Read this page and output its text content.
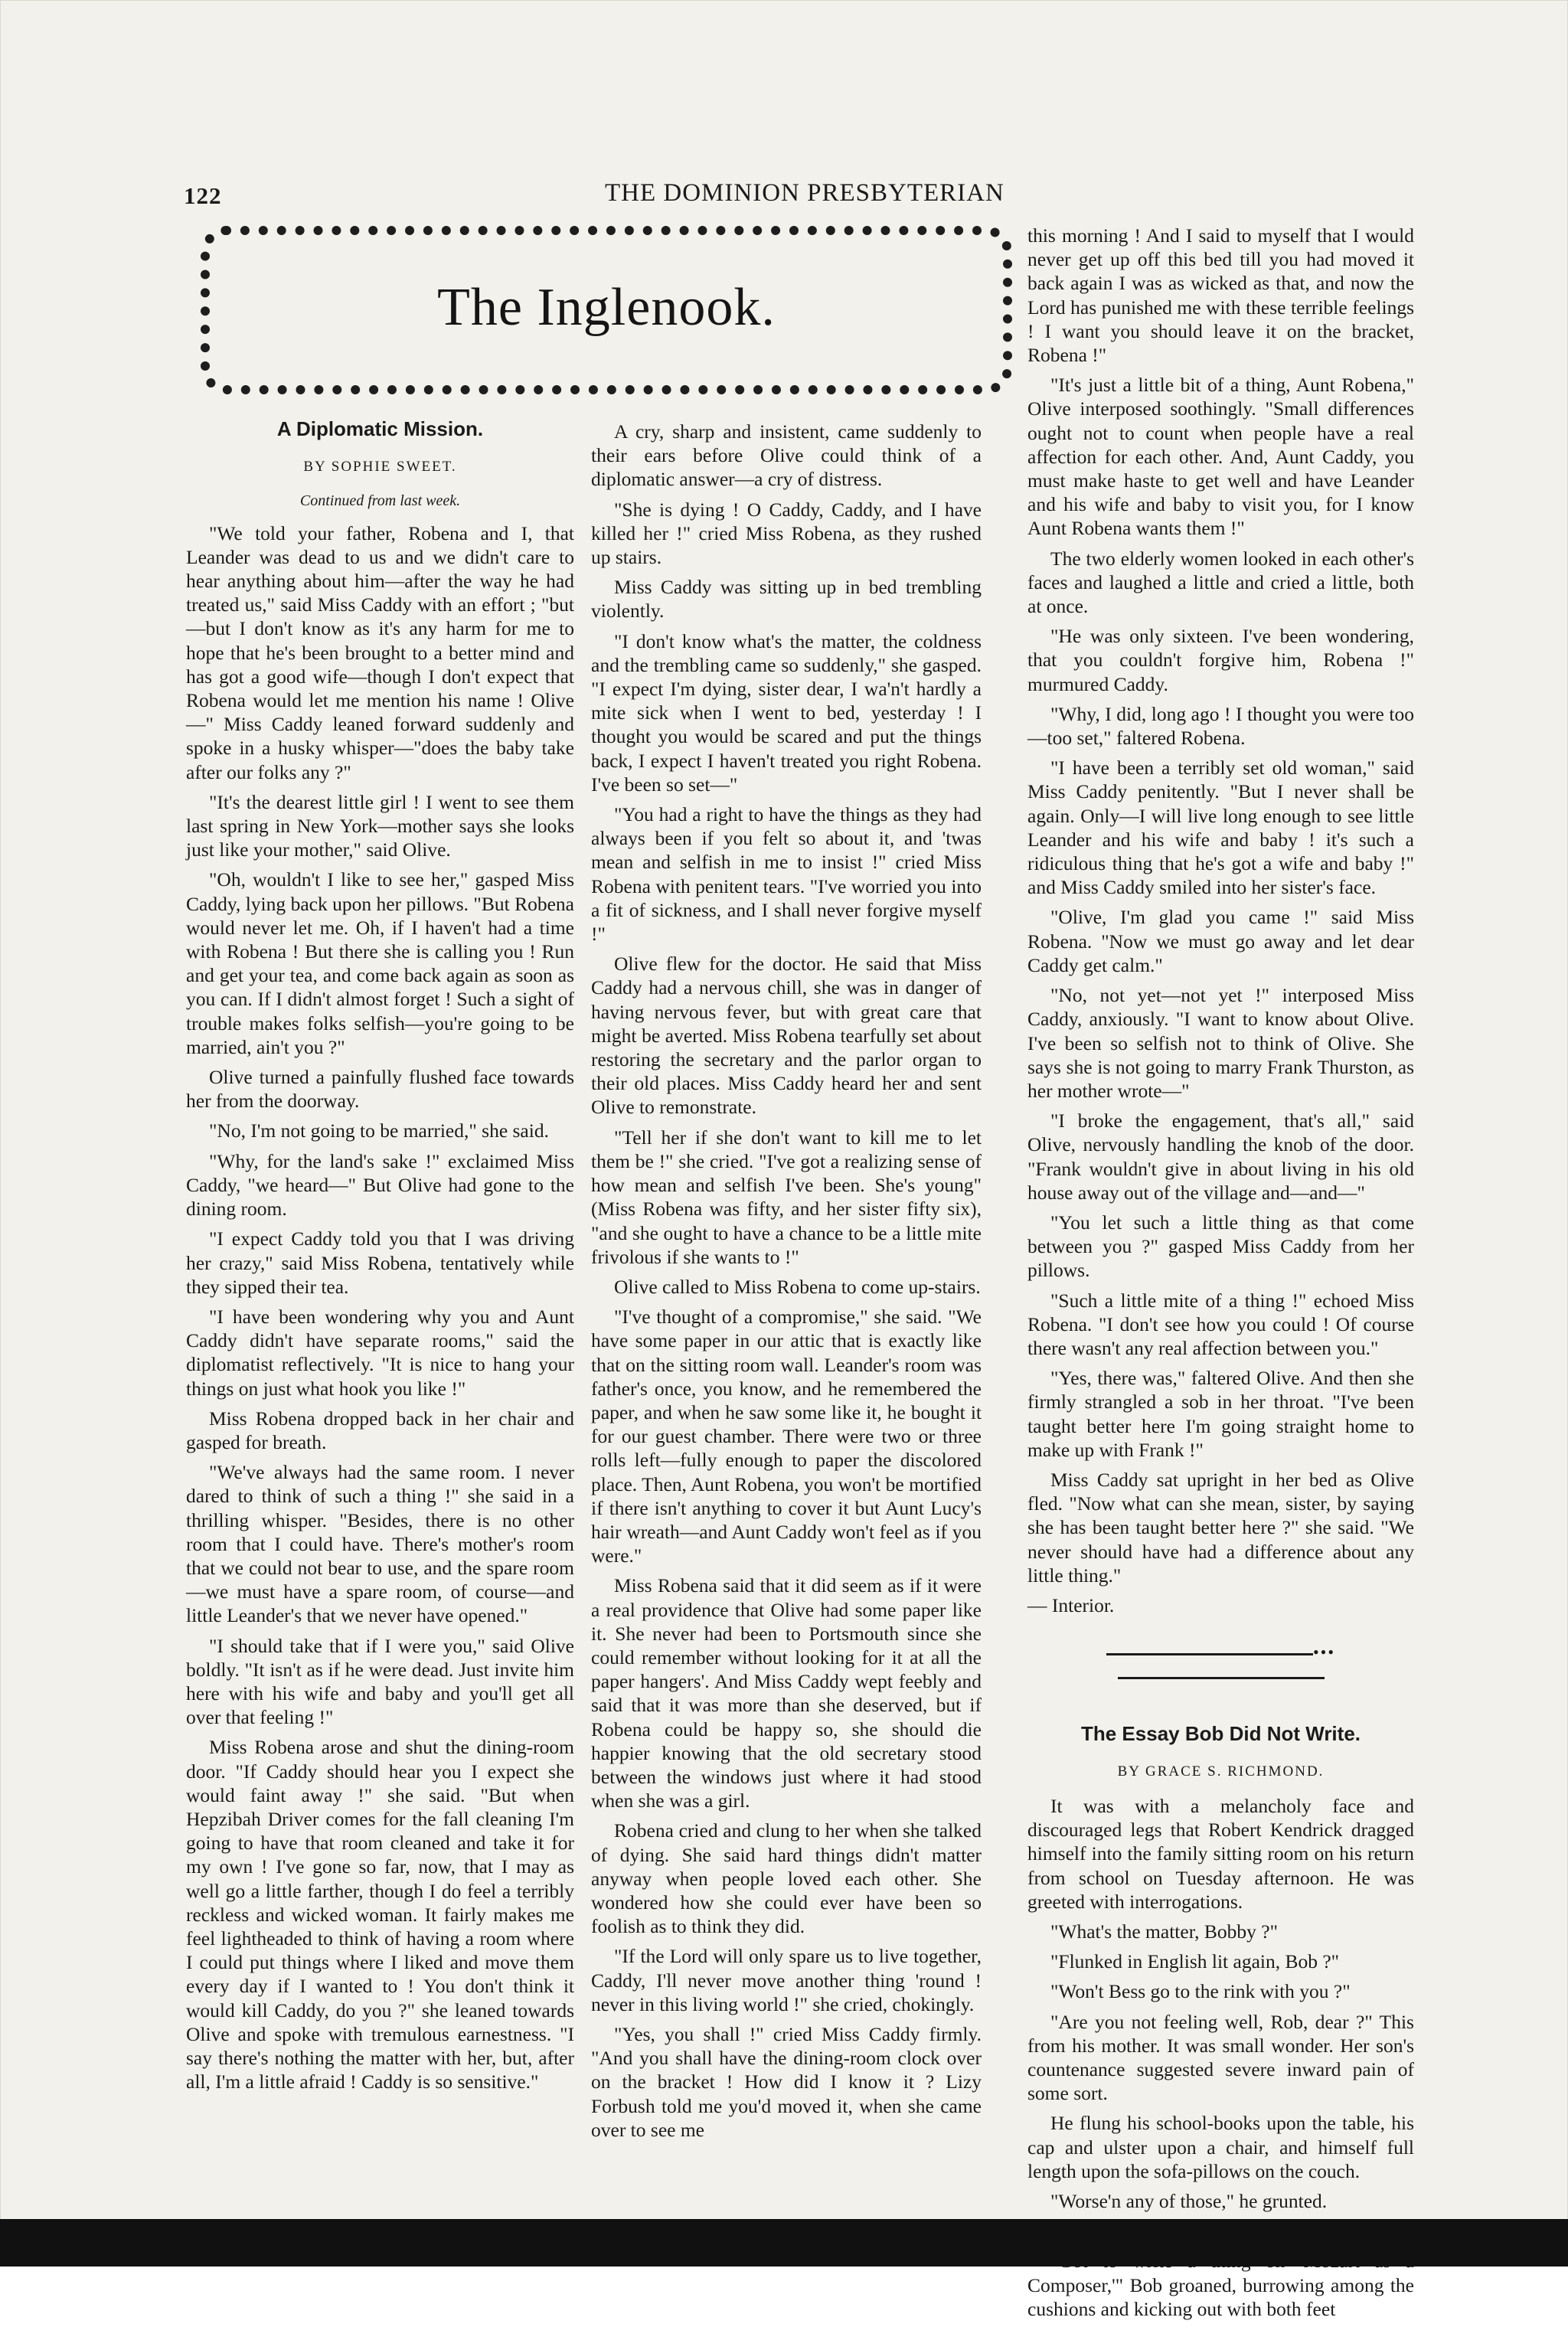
122	THE DOMINION PRESBYTERIAN
The Inglenook.
A Diplomatic Mission.
BY SOPHIE SWEET.
Continued from last week.

"We told your father, Robena and I, that Leander was dead to us and we didn't care to hear anything about him—after the way he had treated us," said Miss Caddy with an effort ; "but—but I don't know as it's any harm for me to hope that he's been brought to a better mind and has got a good wife—though I don't expect that Robena would let me mention his name ! Olive—" Miss Caddy leaned forward suddenly and spoke in a husky whisper—"does the baby take after our folks any ?"

"It's the dearest little girl ! I went to see them last spring in New York—mother says she looks just like your mother," said Olive.

"Oh, wouldn't I like to see her," gasped Miss Caddy, lying back upon her pillows. "But Robena would never let me. Oh, if I haven't had a time with Robena ! But there she is calling you ! Run and get your tea, and come back again as soon as you can. If I didn't almost forget ! Such a sight of trouble makes folks selfish—you're going to be married, ain't you ?"

Olive turned a painfully flushed face towards her from the doorway.

"No, I'm not going to be married," she said.

"Why, for the land's sake !" exclaimed Miss Caddy, "we heard—" But Olive had gone to the dining room.

"I expect Caddy told you that I was driving her crazy," said Miss Robena, tentatively while they sipped their tea.

"I have been wondering why you and Aunt Caddy didn't have separate rooms," said the diplomatist reflectively. "It is nice to hang your things on just what hook you like !"

Miss Robena dropped back in her chair and gasped for breath.

"We've always had the same room. I never dared to think of such a thing !" she said in a thrilling whisper. "Besides, there is no other room that I could have. There's mother's room that we could not bear to use, and the spare room—we must have a spare room, of course—and little Leander's that we never have opened."

"I should take that if I were you," said Olive boldly. "It isn't as if he were dead. Just invite him here with his wife and baby and you'll get all over that feeling !"

Miss Robena arose and shut the dining-room door. "If Caddy should hear you I expect she would faint away !" she said. "But when Hepzibah Driver comes for the fall cleaning I'm going to have that room cleaned and take it for my own ! I've gone so far, now, that I may as well go a little farther, though I do feel a terribly reckless and wicked woman. It fairly makes me feel lightheaded to think of having a room where I could put things where I liked and move them every day if I wanted to ! You don't think it would kill Caddy, do you ?" she leaned towards Olive and spoke with tremulous earnestness. "I say there's nothing the matter with her, but, after all, I'm a little afraid ! Caddy is so sensitive."

A cry, sharp and insistent, came suddenly to their ears before Olive could think of a diplomatic answer—a cry of distress.

"She is dying ! O Caddy, Caddy, and I have killed her !" cried Miss Robena, as they rushed up stairs.

Miss Caddy was sitting up in bed trembling violently.

"I don't know what's the matter, the coldness and the trembling came so suddenly," she gasped. "I expect I'm dying, sister dear, I wa'n't hardly a mite sick when I went to bed, yesterday ! I thought you would be scared and put the things back, I expect I haven't treated you right Robena. I've been so set—"

"You had a right to have the things as they had always been if you felt so about it, and 'twas mean and selfish in me to insist !" cried Miss Robena with penitent tears. "I've worried you into a fit of sickness, and I shall never forgive myself !"

Olive flew for the doctor. He said that Miss Caddy had a nervous chill, she was in danger of having nervous fever, but with great care that might be averted. Miss Robena tearfully set about restoring the secretary and the parlor organ to their old places. Miss Caddy heard her and sent Olive to remonstrate.

"Tell her if she don't want to kill me to let them be !" she cried. "I've got a realizing sense of how mean and selfish I've been. She's young" (Miss Robena was fifty, and her sister fifty six), "and she ought to have a chance to be a little mite frivolous if she wants to !"

Olive called to Miss Robena to come up-stairs.

"I've thought of a compromise," she said. "We have some paper in our attic that is exactly like that on the sitting room wall. Leander's room was father's once, you know, and he remembered the paper, and when he saw some like it, he bought it for our guest chamber. There were two or three rolls left—fully enough to paper the discolored place. Then, Aunt Robena, you won't be mortified if there isn't anything to cover it but Aunt Lucy's hair wreath—and Aunt Caddy won't feel as if you were."

Miss Robena said that it did seem as if it were a real providence that Olive had some paper like it. She never had been to Portsmouth since she could remember without looking for it at all the paper hangers'. And Miss Caddy wept feebly and said that it was more than she deserved, but if Robena could be happy so, she should die happier knowing that the old secretary stood between the windows just where it had stood when she was a girl.

Robena cried and clung to her when she talked of dying. She said hard things didn't matter anyway when people loved each other. She wondered how she could ever have been so foolish as to think they did.

"If the Lord will only spare us to live together, Caddy, I'll never move another thing 'round ! never in this living world !" she cried, chokingly.

"Yes, you shall !" cried Miss Caddy firmly. "And you shall have the dining-room clock over on the bracket ! How did I know it ? Lizy Forbush told me you'd moved it, when she came over to see me

this morning ! And I said to myself that I would never get up off this bed till you had moved it back again I was as wicked as that, and now the Lord has punished me with these terrible feelings ! I want you should leave it on the bracket, Robena !"

"It's just a little bit of a thing, Aunt Robena," Olive interposed soothingly. "Small differences ought not to count when people have a real affection for each other. And, Aunt Caddy, you must make haste to get well and have Leander and his wife and baby to visit you, for I know Aunt Robena wants them !"

The two elderly women looked in each other's faces and laughed a little and cried a little, both at once.

"He was only sixteen. I've been wondering, that you couldn't forgive him, Robena !" murmured Caddy.

"Why, I did, long ago ! I thought you were too—too set," faltered Robena.

"I have been a terribly set old woman," said Miss Caddy penitently. "But I never shall be again. Only—I will live long enough to see little Leander and his wife and baby ! it's such a ridiculous thing that he's got a wife and baby !" and Miss Caddy smiled into her sister's face.

"Olive, I'm glad you came !" said Miss Robena. "Now we must go away and let dear Caddy get calm."

"No, not yet—not yet !" interposed Miss Caddy, anxiously. "I want to know about Olive. I've been so selfish not to think of Olive. She says she is not going to marry Frank Thurston, as her mother wrote—"

"I broke the engagement, that's all," said Olive, nervously handling the knob of the door. "Frank wouldn't give in about living in his old house away out of the village and—and—"

"You let such a little thing as that come between you ?" gasped Miss Caddy from her pillows.

"Such a little mite of a thing !" echoed Miss Robena. "I don't see how you could ! Of course there wasn't any real affection between you."

"Yes, there was," faltered Olive. And then she firmly strangled a sob in her throat. "I've been taught better here I'm going straight home to make up with Frank !"

Miss Caddy sat upright in her bed as Olive fled. "Now what can she mean, sister, by saying she has been taught better here ?" she said. "We never should have had a difference about any little thing."

— Interior.

•••
The Essay Bob Did Not Write.
BY GRACE S. RICHMOND.

It was with a melancholy face and discouraged legs that Robert Kendrick dragged himself into the family sitting room on his return from school on Tuesday afternoon. He was greeted with interrogations.

"What's the matter, Bobby ?"

"Flunked in English lit again, Bob ?"

"Won't Bess go to the rink with you ?"

"Are you not feeling well, Rob, dear ?" This from his mother. It was small wonder. Her son's countenance suggested severe inward pain of some sort.

He flung his school-books upon the table, his cap and ulster upon a chair, and himself full length upon the sofa-pillows on the couch.

"Worse'n any of those," he grunted.

Composer,'" Bob groaned, burrowing among the cushions and kicking out with both feet
